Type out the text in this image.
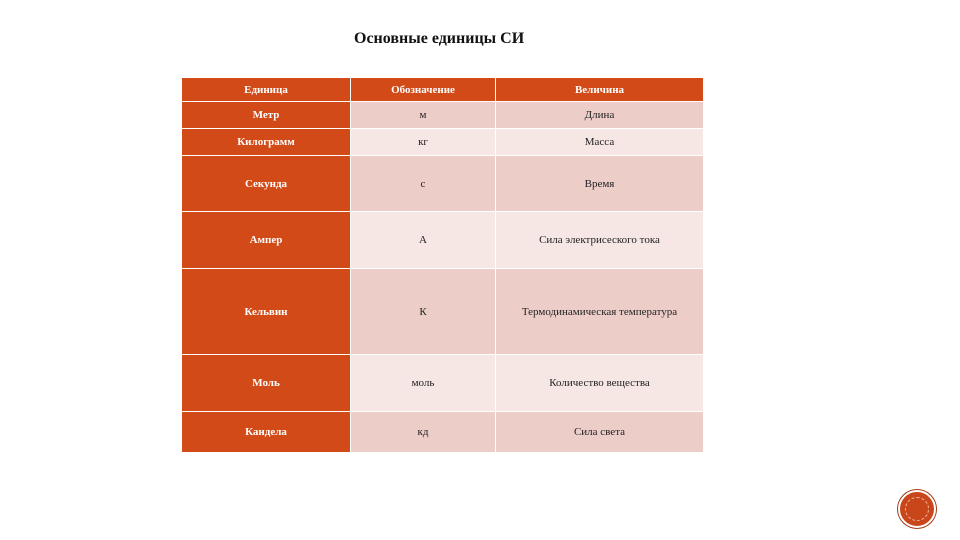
Основные единицы СИ
Единица	Обозначение	Величина
Метр	м	Длина
Килограмм	кг	Масса
Секунда	с	Время
Ампер	А	Сила электрисеского тока
Кельвин	К	Термодинамическая температура
Моль	моль	Количество вещества
Кандела	кд	Сила света
